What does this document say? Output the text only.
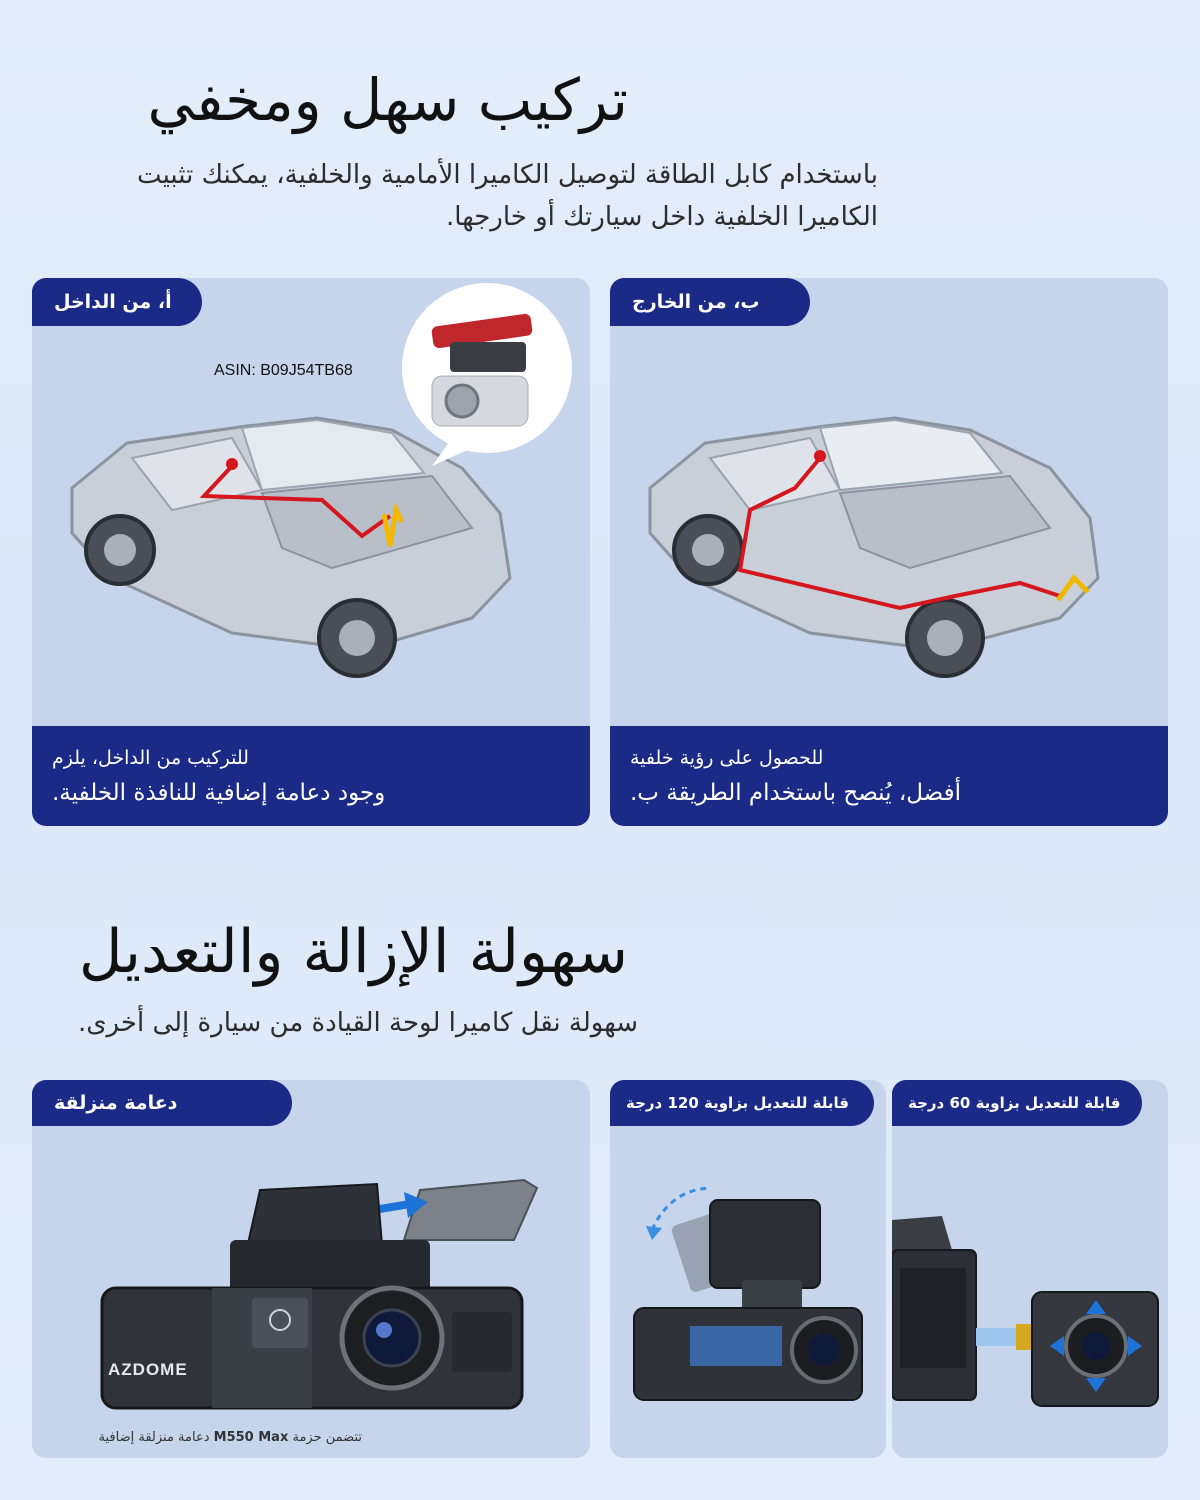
تركيب سهل ومخفي
باستخدام كابل الطاقة لتوصيل الكاميرا الأمامية والخلفية، يمكنك تثبيت
الكاميرا الخلفية داخل سيارتك أو خارجها.
ASIN: B09J54TB68
أ، من الداخل
للتركيب من الداخل، يلزم
وجود دعامة إضافية للنافذة الخلفية.
ب، من الخارج
للحصول على رؤية خلفية
أفضل، يُنصح باستخدام الطريقة ب.
سهولة الإزالة والتعديل
سهولة نقل كاميرا لوحة القيادة من سيارة إلى أخرى.
AZDOME
دعامة منزلقة
تتضمن حزمة M550 Max دعامة منزلقة إضافية
قابلة للتعديل بزاوية 120 درجة	قابلة للتعديل بزاوية 60 درجة
